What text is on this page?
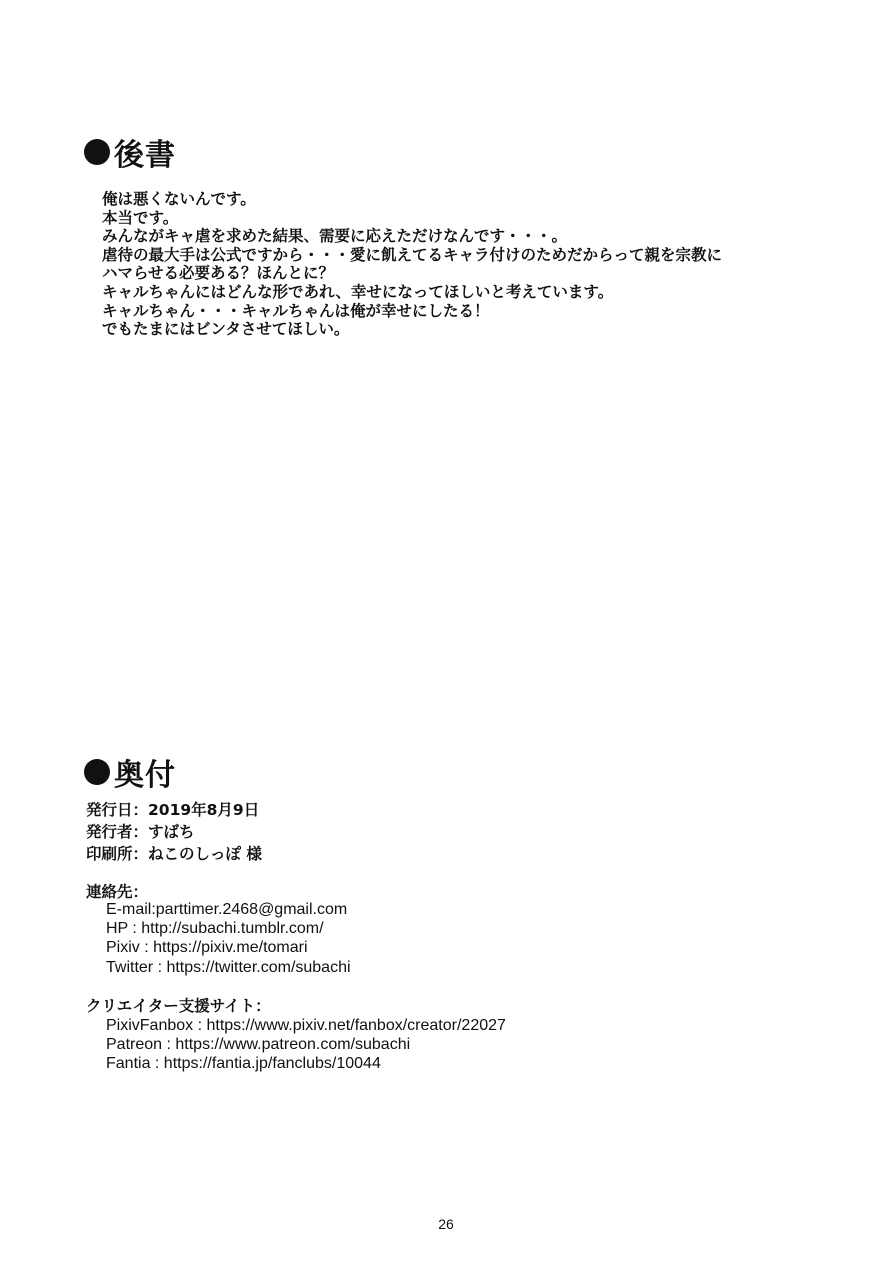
後書
俺は悪くないんです。
本当です。
みんながキャ虐を求めた結果、需要に応えただけなんです・・・。
虐待の最大手は公式ですから・・・愛に飢えてるキャラ付けのためだからって親を宗教に
ハマらせる必要ある？ほんとに？
キャルちゃんにはどんな形であれ、幸せになってほしいと考えています。
キャルちゃん・・・キャルちゃんは俺が幸せにしたる！
でもたまにはビンタさせてほしい。
奥付
発行日：2019年8月9日
発行者：すばち
印刷所：ねこのしっぽ 様
連絡先：
E-mail:parttimer.2468@gmail.com
HP : http://subachi.tumblr.com/
Pixiv : https://pixiv.me/tomari
Twitter : https://twitter.com/subachi
クリエイター支援サイト：
PixivFanbox : https://www.pixiv.net/fanbox/creator/22027
Patreon : https://www.patreon.com/subachi
Fantia : https://fantia.jp/fanclubs/10044
26
